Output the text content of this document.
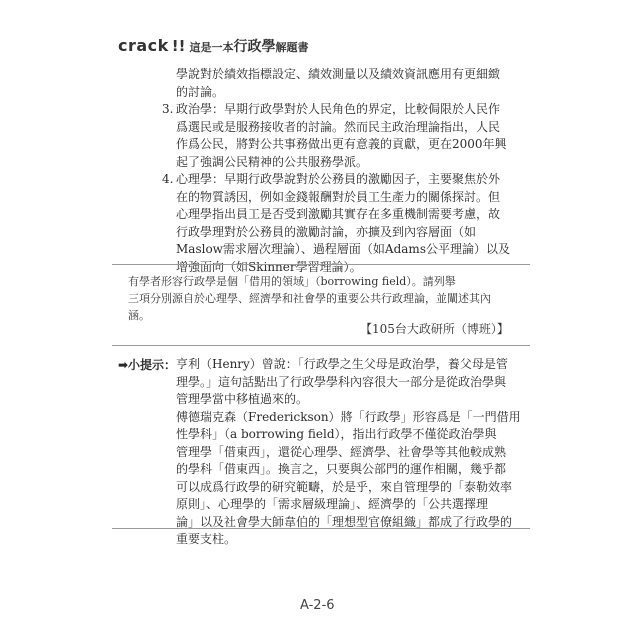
crack !! 這是一本 行政學 解題書
學說對於績效指標設定、績效測量以及績效資訊應用有更細緻
的討論。
3. 政治學：早期行政學對於人民角色的界定，比較侷限於人民作
爲選民或是服務接收者的討論。然而民主政治理論指出，人民
作爲公民，將對公共事務做出更有意義的貢獻，更在2000年興
起了強調公民精神的公共服務學派。
4. 心理學：早期行政學說對於公務員的激勵因子，主要聚焦於外
在的物質誘因，例如金錢報酬對於員工生產力的關係探討。但
心理學指出員工是否受到激勵其實存在多重機制需要考慮，故
行政學理對於公務員的激勵討論，亦擴及到內容層面（如
Maslow需求層次理論）、過程層面（如Adams公平理論）以及
增強面向（如Skinner學習理論）。
有學者形容行政學是個「借用的領域」（borrowing field）。請列舉
三項分別源自於心理學、經濟學和社會學的重要公共行政理論，並闡述其內
涵。
【105台大政研所（博班）】
➡小提示： 亨利（Henry）曾說：「行政學之生父母是政治學，養父母是管
理學。」這句話點出了行政學學科內容很大一部分是從政治學與
管理學當中移植過來的。
傅德瑞克森（Frederickson）將「行政學」形容爲是「一門借用
性學科」（a borrowing field），指出行政學不僅從政治學與
管理學「借東西」，還從心理學、經濟學、社會學等其他較成熟
的學科「借東西」。換言之，只要與公部門的運作相關，幾乎都
可以成爲行政學的研究範疇，於是乎，來自管理學的「泰勒效率
原則」、心理學的「需求層級理論」、經濟學的「公共選擇理
論」以及社會學大師韋伯的「理想型官僚組織」都成了行政學的
重要支柱。
A-2-6
